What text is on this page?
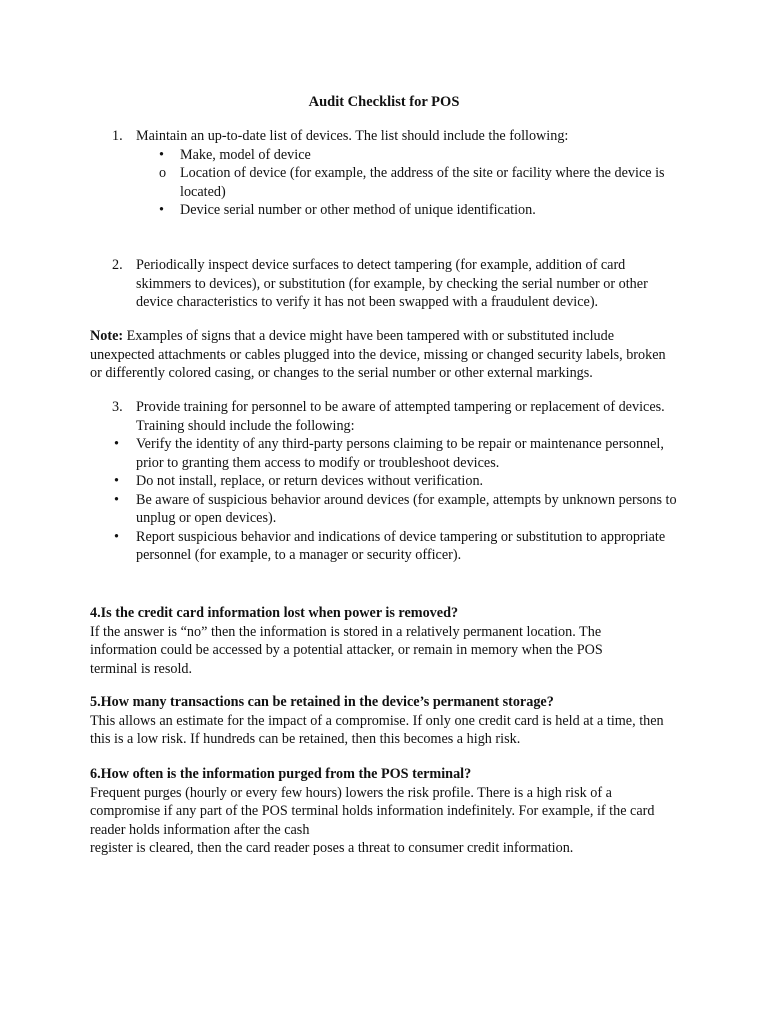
Audit Checklist for POS
1. Maintain an up-to-date list of devices. The list should include the following:
• Make, model of device
o Location of device (for example, the address of the site or facility where the device is located)
• Device serial number or other method of unique identification.
2. Periodically inspect device surfaces to detect tampering (for example, addition of card skimmers to devices), or substitution (for example, by checking the serial number or other device characteristics to verify it has not been swapped with a fraudulent device).

Note: Examples of signs that a device might have been tampered with or substituted include unexpected attachments or cables plugged into the device, missing or changed security labels, broken or differently colored casing, or changes to the serial number or other external markings.

3. Provide training for personnel to be aware of attempted tampering or replacement of devices. Training should include the following:
• Verify the identity of any third-party persons claiming to be repair or maintenance personnel, prior to granting them access to modify or troubleshoot devices.
• Do not install, replace, or return devices without verification.
• Be aware of suspicious behavior around devices (for example, attempts by unknown persons to unplug or open devices).
• Report suspicious behavior and indications of device tampering or substitution to appropriate personnel (for example, to a manager or security officer).

4.Is the credit card information lost when power is removed?

If the answer is “no” then the information is stored in a relatively permanent location. The information could be accessed by a potential attacker, or remain in memory when the POS terminal is resold.

5.How many transactions can be retained in the device’s permanent storage?

This allows an estimate for the impact of a compromise. If only one credit card is held at a time, then this is a low risk. If hundreds can be retained, then this becomes a high risk.

6.How often is the information purged from the POS terminal?

Frequent purges (hourly or every few hours) lowers the risk profile. There is a high risk of a compromise if any part of the POS terminal holds information indefinitely. For example, if the card reader holds information after the cash

register is cleared, then the card reader poses a threat to consumer credit information.
